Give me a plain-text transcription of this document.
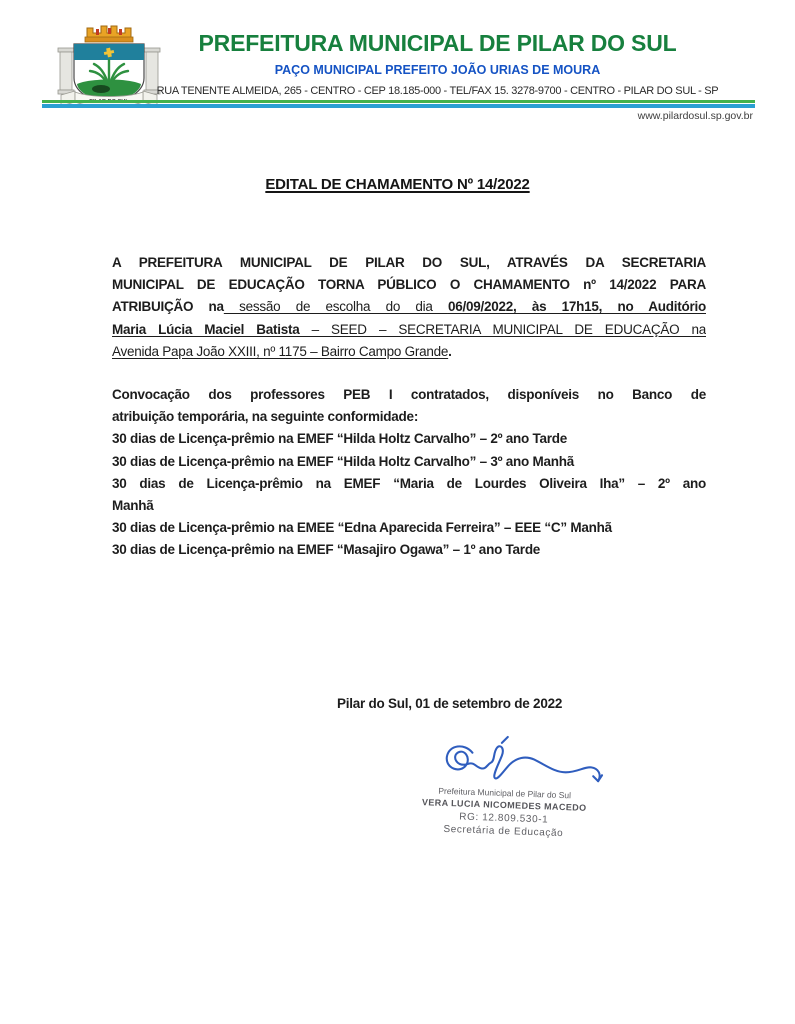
PREFEITURA MUNICIPAL DE PILAR DO SUL
PAÇO MUNICIPAL PREFEITO JOÃO URIAS DE MOURA
RUA TENENTE ALMEIDA, 265 - CENTRO - CEP 18.185-000 - TEL/FAX 15. 3278-9700 - CENTRO - PILAR DO SUL - SP
www.pilardosul.sp.gov.br
EDITAL DE CHAMAMENTO Nº 14/2022
A PREFEITURA MUNICIPAL DE PILAR DO SUL, ATRAVÉS DA SECRETARIA
MUNICIPAL DE EDUCAÇÃO TORNA PÚBLICO O CHAMAMENTO nº 14/2022 PARA
ATRIBUIÇÃO na sessão de escolha do dia 06/09/2022, às 17h15, no Auditório
Maria Lúcia Maciel Batista – SEED – SECRETARIA MUNICIPAL DE EDUCAÇÃO na
Avenida Papa João XXIII, nº 1175 – Bairro Campo Grande.
Convocação dos professores PEB I contratados, disponíveis no Banco de
atribuição temporária, na seguinte conformidade:
30 dias de Licença-prêmio na EMEF “Hilda Holtz Carvalho” – 2º ano Tarde
30 dias de Licença-prêmio na EMEF “Hilda Holtz Carvalho” – 3º ano Manhã
30 dias de Licença-prêmio na EMEF “Maria de Lourdes Oliveira Iha” – 2º ano
Manhã
30 dias de Licença-prêmio na EMEE “Edna Aparecida Ferreira” – EEE “C” Manhã
30 dias de Licença-prêmio na EMEF “Masajiro Ogawa” – 1º ano Tarde
Pilar do Sul, 01 de setembro de 2022
Prefeitura Municipal de Pilar do Sul
VERA LUCIA NICOMEDES MACEDO
RG: 12.809.530-1
Secretária de Educação
